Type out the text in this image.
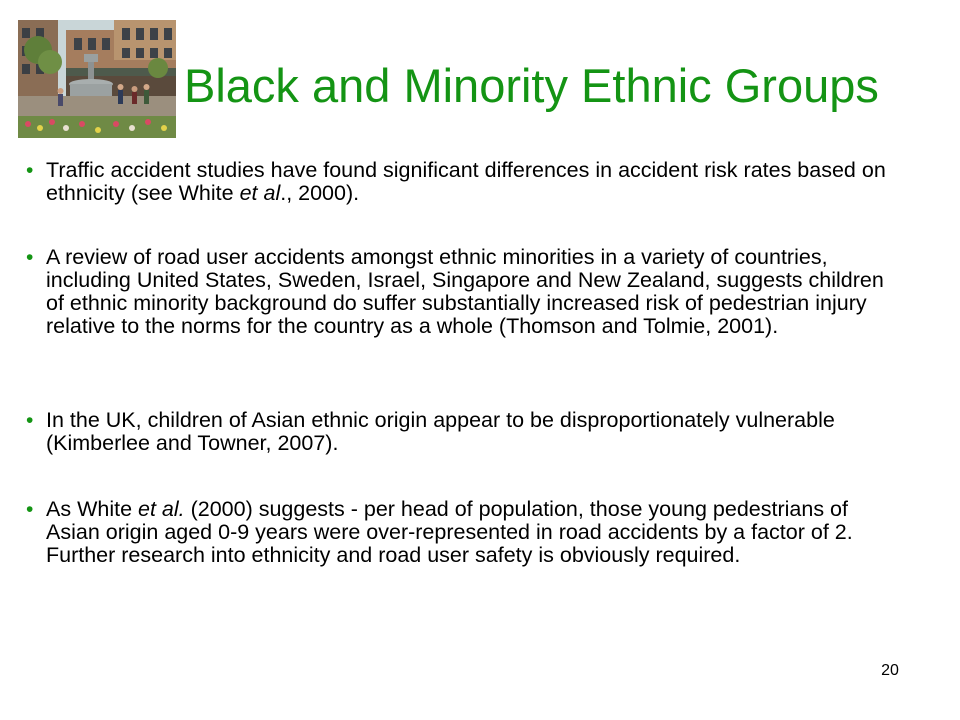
Black and Minority Ethnic Groups
• Traffic accident studies have found significant differences in accident risk rates based on ethnicity (see White et al., 2000).
• A review of road user accidents amongst ethnic minorities in a variety of countries, including United States, Sweden, Israel, Singapore and New Zealand, suggests children of ethnic minority background do suffer substantially increased risk of pedestrian injury relative to the norms for the country as a whole (Thomson and Tolmie, 2001).
• In the UK, children of Asian ethnic origin appear to be disproportionately vulnerable (Kimberlee and Towner, 2007).
• As White et al. (2000) suggests - per head of population, those young pedestrians of Asian origin aged 0-9 years were over-represented in road accidents by a factor of 2. Further research into ethnicity and road user safety is obviously required.
20
